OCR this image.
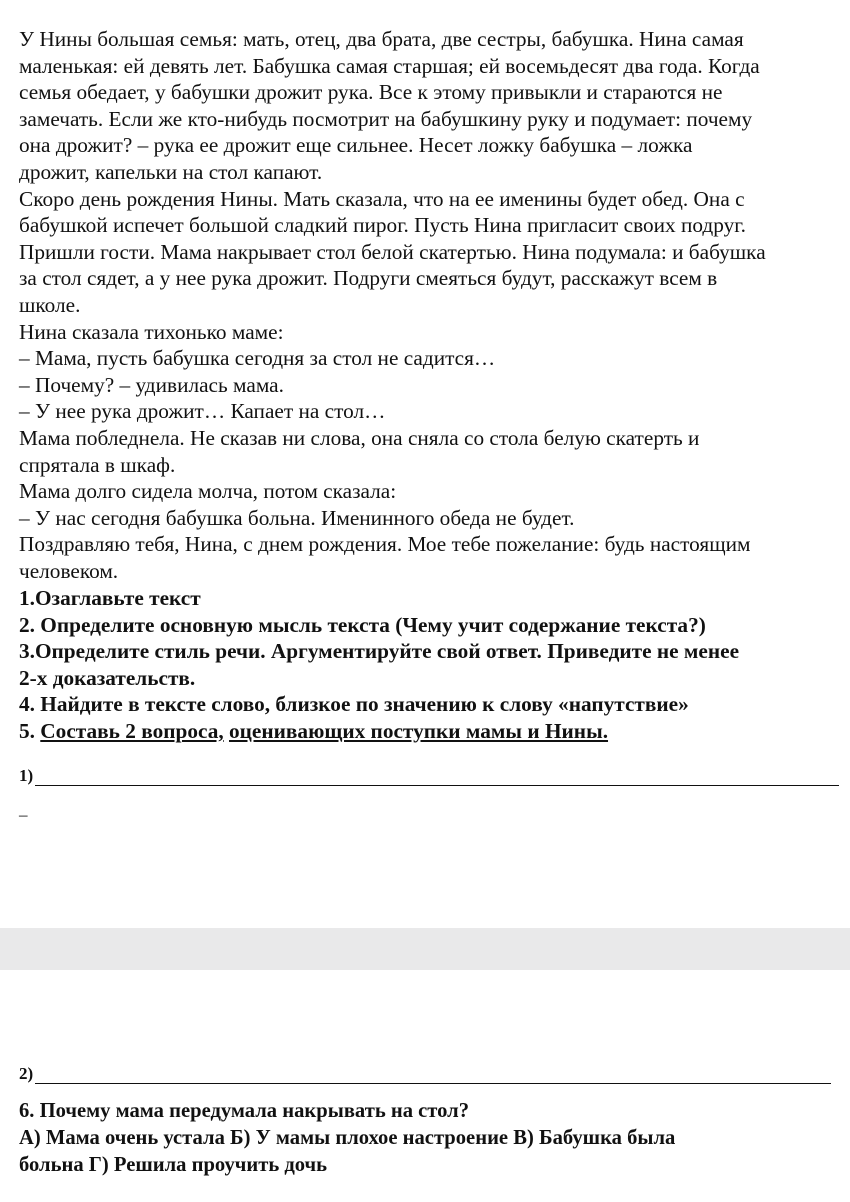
У Нины большая семья: мать, отец, два брата, две сестры, бабушка. Нина самая
маленькая: ей девять лет. Бабушка самая старшая; ей восемьдесят два года. Когда
семья обедает, у бабушки дрожит рука. Все к этому привыкли и стараются не
замечать. Если же кто-нибудь посмотрит на бабушкину руку и подумает: почему
она дрожит? – рука ее дрожит еще сильнее. Несет ложку бабушка – ложка
дрожит, капельки на стол капают.
Скоро день рождения Нины. Мать сказала, что на ее именины будет обед. Она с
бабушкой испечет большой сладкий пирог. Пусть Нина пригласит своих подруг.
Пришли гости. Мама накрывает стол белой скатертью. Нина подумала: и бабушка
за стол сядет, а у нее рука дрожит. Подруги смеяться будут, расскажут всем в
школе.
Нина сказала тихонько маме:
– Мама, пусть бабушка сегодня за стол не садится…
– Почему? – удивилась мама.
– У нее рука дрожит… Капает на стол…
Мама побледнела. Не сказав ни слова, она сняла со стола белую скатерть и
спрятала в шкаф.
Мама долго сидела молча, потом сказала:
– У нас сегодня бабушка больна. Именинного обеда не будет.
Поздравляю тебя, Нина, с днем рождения. Мое тебе пожелание: будь настоящим
человеком.
1.Озаглавьте текст
2. Определите основную мысль текста (Чему учит содержание текста?)
3.Определите стиль речи. Аргументируйте свой ответ. Приведите не менее
2-х доказательств.
4. Найдите в тексте слово, близкое по значению к слову «напутствие»
5. Составь 2 вопроса, оценивающих поступки мамы и Нины.
1)
–
2)
6. Почему мама передумала накрывать на стол?
А) Мама очень устала Б) У мамы плохое настроение В) Бабушка была
больна Г) Решила проучить дочь
